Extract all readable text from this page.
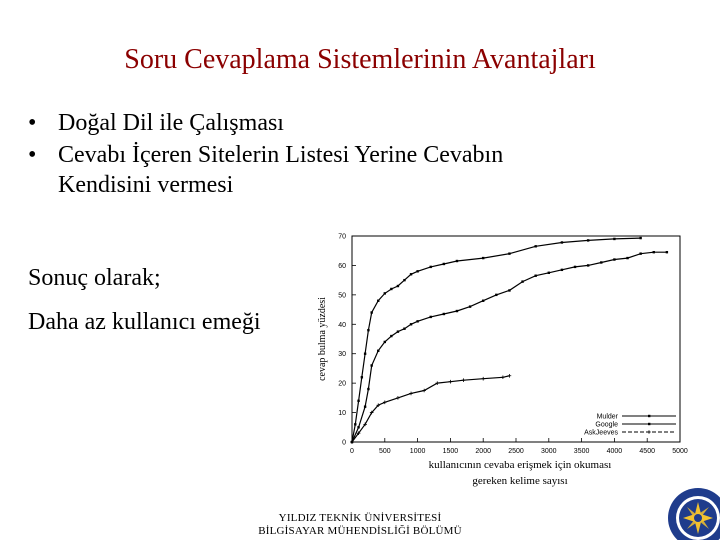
Soru Cevaplama Sistemlerinin Avantajları
• Doğal Dil ile Çalışması
• Cevabı İçeren Sitelerin Listesi Yerine Cevabın
Kendisini vermesi
Sonuç olarak;
Daha az kullanıcı emeği
0	500	1000 1500 2000 2500 3000 3500 4000 4500 5000
0
10
20
30
40
50
60
70
cevap bulma yüzdesi
kullanıcının cevaba erişmek için okuması gereken kelime sayısı
Mulder
Google
AskJeeves
YILDIZ TEKNİK ÜNİVERSİTESİ
BİLGİSAYAR MÜHENDİSLİĞİ BÖLÜMÜ
